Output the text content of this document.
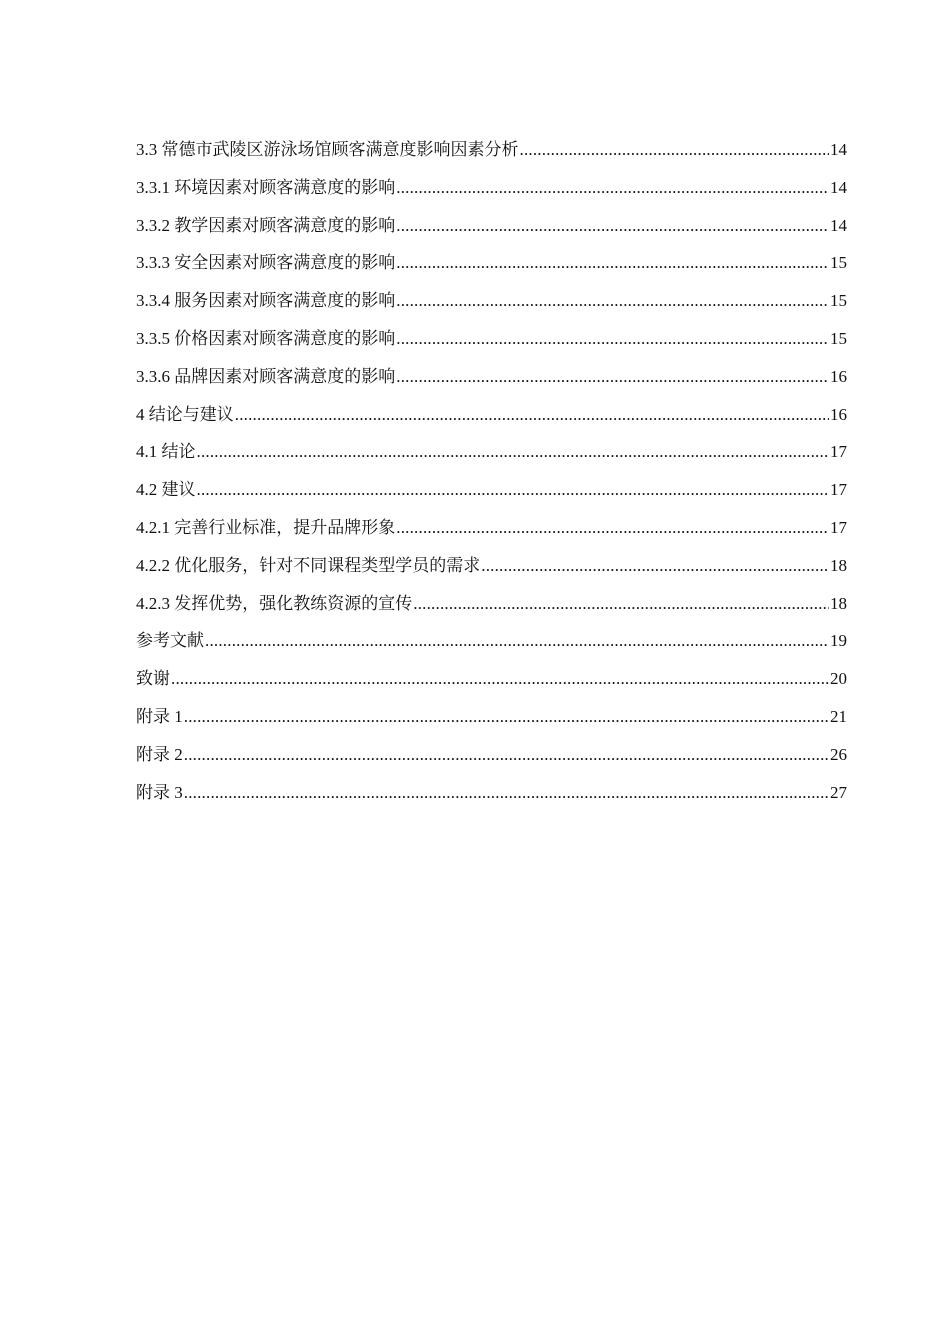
3.3 常德市武陵区游泳场馆顾客满意度影响因素分析 .....	14
3.3.1 环境因素对顾客满意度的影响 .....	14
3.3.2 教学因素对顾客满意度的影响 .....	14
3.3.3 安全因素对顾客满意度的影响 .....	15
3.3.4 服务因素对顾客满意度的影响 .....	15
3.3.5 价格因素对顾客满意度的影响 .....	15
3.3.6 品牌因素对顾客满意度的影响 .....	16
4 结论与建议 .....	16
4.1 结论 .....	17
4.2 建议 .....	17
4.2.1 完善行业标准，提升品牌形象 .....	17
4.2.2 优化服务，针对不同课程类型学员的需求 .....	18
4.2.3 发挥优势，强化教练资源的宣传 .....	18
参考文献 .....	19
致谢 .....	20
附录 1 .....	21
附录 2 .....	26
附录 3 .....	27
